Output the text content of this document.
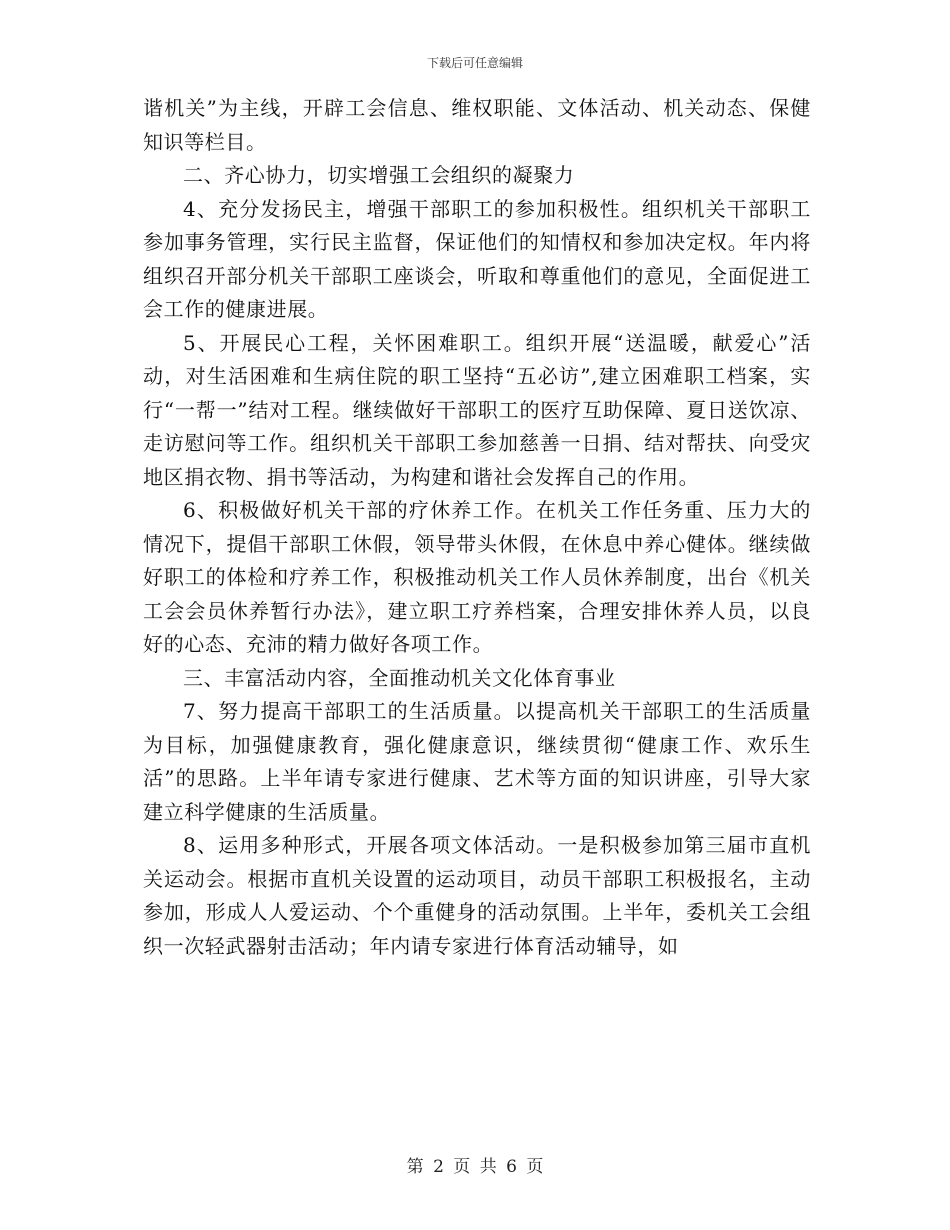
下载后可任意编辑

谐机关”为主线，开辟工会信息、维权职能、文体活动、机关动态、保健知识等栏目。

二、齐心协力，切实增强工会组织的凝聚力

4、充分发扬民主，增强干部职工的参加积极性。组织机关干部职工参加事务管理，实行民主监督，保证他们的知情权和参加决定权。年内将组织召开部分机关干部职工座谈会，听取和尊重他们的意见，全面促进工会工作的健康进展。

5、开展民心工程，关怀困难职工。组织开展“送温暖，献爱心”活动，对生活困难和生病住院的职工坚持“五必访”,建立困难职工档案，实行“一帮一”结对工程。继续做好干部职工的医疗互助保障、夏日送饮凉、走访慰问等工作。组织机关干部职工参加慈善一日捐、结对帮扶、向受灾地区捐衣物、捐书等活动，为构建和谐社会发挥自己的作用。

6、积极做好机关干部的疗休养工作。在机关工作任务重、压力大的情况下，提倡干部职工休假，领导带头休假，在休息中养心健体。继续做好职工的体检和疗养工作，积极推动机关工作人员休养制度，出台《机关工会会员休养暂行办法》，建立职工疗养档案，合理安排休养人员，以良好的心态、充沛的精力做好各项工作。

三、丰富活动内容，全面推动机关文化体育事业

7、努力提高干部职工的生活质量。以提高机关干部职工的生活质量为目标，加强健康教育，强化健康意识，继续贯彻“健康工作、欢乐生活”的思路。上半年请专家进行健康、艺术等方面的知识讲座，引导大家建立科学健康的生活质量。

8、运用多种形式，开展各项文体活动。一是积极参加第三届市直机关运动会。根据市直机关设置的运动项目，动员干部职工积极报名，主动参加，形成人人爱运动、个个重健身的活动氛围。上半年，委机关工会组织一次轻武器射击活动；年内请专家进行体育活动辅导，如

第 2 页 共 6 页
